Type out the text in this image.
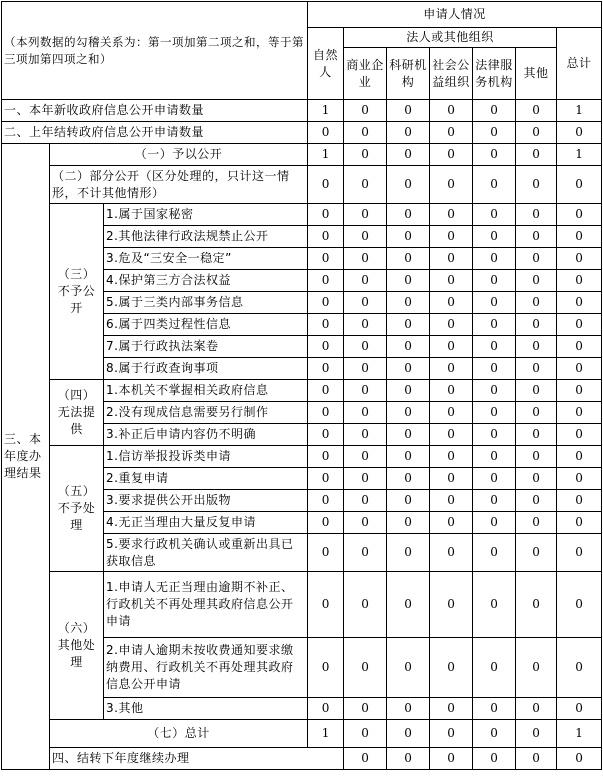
（本列数据的勾稽关系为：第一项加第二项之和，等于第三项加第四项之和）			申请人情况							
			自然人	法人或其他组织					总计	
				商业企业	科研机构	社会公益组织	法律服务机构	其他		
一、本年新收政府信息公开申请数量			1	0	0	0	0	0	1	
二、上年结转政府信息公开申请数量			0	0	0	0	0	0	0	
三、本年度办理结果	（一）予以公开		1	0	0	0	0	0	1	
	（二）部分公开（区分处理的，只计这一情形，不计其他情形）		0	0	0	0	0	0	0	
	（三）不予公开	1.属于国家秘密	0	0	0	0	0	0	0	
		2.其他法律行政法规禁止公开	0	0	0	0	0	0	0	
		3.危及“三安全一稳定”	0	0	0	0	0	0	0	
		4.保护第三方合法权益	0	0	0	0	0	0	0	
		5.属于三类内部事务信息	0	0	0	0	0	0	0	
		6.属于四类过程性信息	0	0	0	0	0	0	0	
		7.属于行政执法案卷	0	0	0	0	0	0	0	
		8.属于行政查询事项	0	0	0	0	0	0	0	
	（四）无法提供	1.本机关不掌握相关政府信息	0	0	0	0	0	0	0	
		2.没有现成信息需要另行制作	0	0	0	0	0	0	0	
		3.补正后申请内容仍不明确	0	0	0	0	0	0	0	
	（五）不予处理	1.信访举报投诉类申请	0	0	0	0	0	0	0	
		2.重复申请	0	0	0	0	0	0	0	
		3.要求提供公开出版物	0	0	0	0	0	0	0	
		4.无正当理由大量反复申请	0	0	0	0	0	0	0	
		5.要求行政机关确认或重新出具已获取信息	0	0	0	0	0	0	0	
	（六）其他处理	1.申请人无正当理由逾期不补正、行政机关不再处理其政府信息公开申请	0	0	0	0	0	0	0	
		2.申请人逾期未按收费通知要求缴纳费用、行政机关不再处理其政府信息公开申请	0	0	0	0	0	0	0	
		3.其他	0	0	0	0	0	0	0	
	（七）总计		1	0	0	0	0	0	1	
	四、结转下年度继续办理			0	0	0	0	0	0	
